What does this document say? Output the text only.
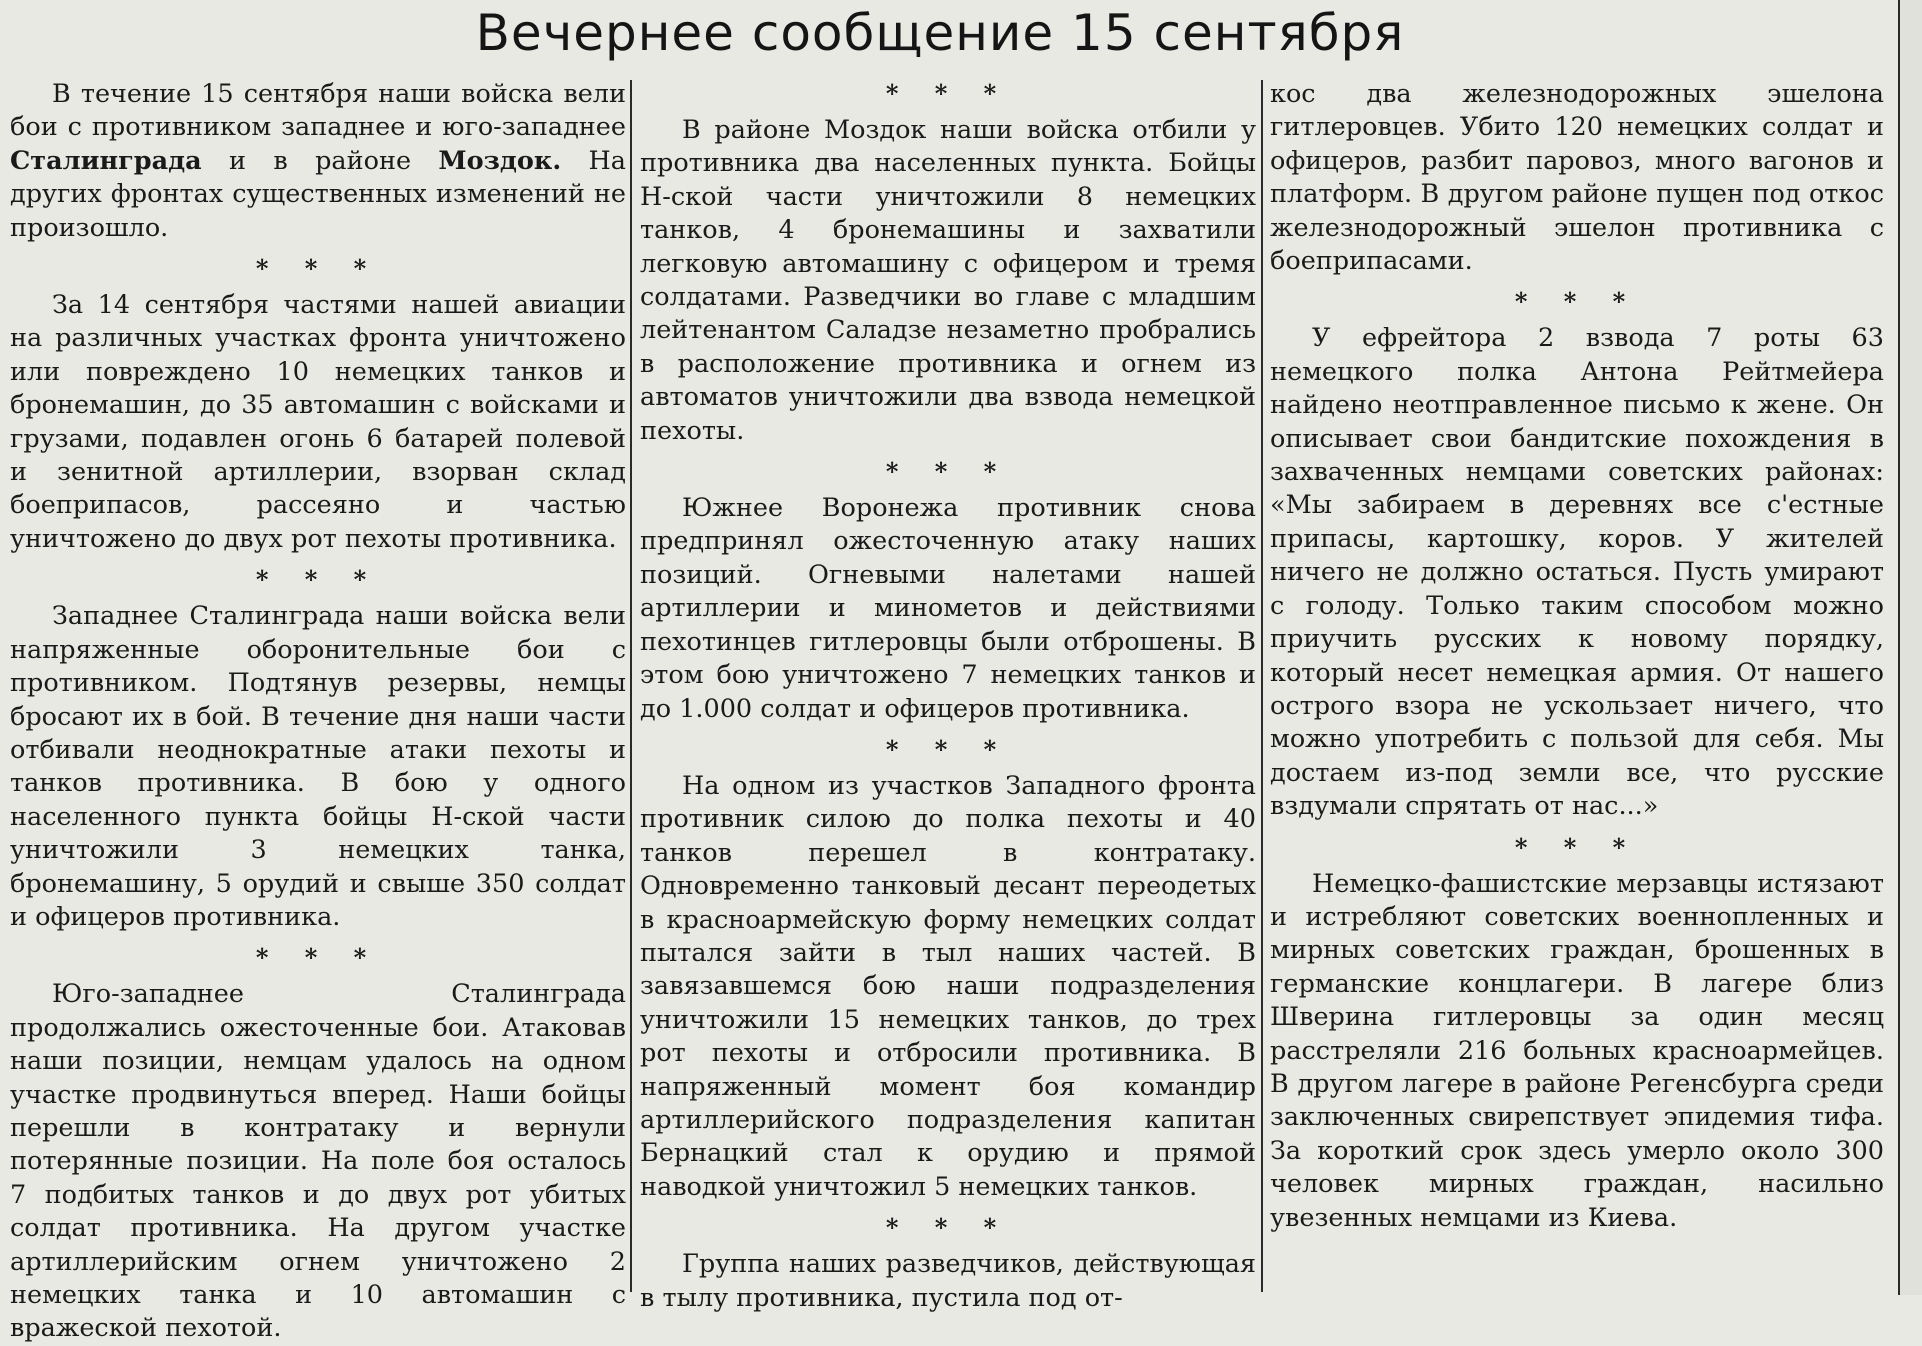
Вечернее сообщение 15 сентября

В течение 15 сентября наши войска вели бои с противником западнее и юго-западнее Сталинграда и в районе Моздок. На других фронтах существенных изменений не произошло.

* * *

За 14 сентября частями нашей авиации на различных участках фронта уничтожено или повреждено 10 немецких танков и бронемашин, до 35 автомашин с войсками и грузами, подавлен огонь 6 батарей полевой и зенитной артиллерии, взорван склад боеприпасов, рассеяно и частью уничтожено до двух рот пехоты противника.

* * *

Западнее Сталинграда наши войска вели напряженные оборонительные бои с противником. Подтянув резервы, немцы бросают их в бой. В течение дня наши части отбивали неоднократные атаки пехоты и танков противника. В бою у одного населенного пункта бойцы Н-ской части уничтожили 3 немецких танка, бронемашину, 5 орудий и свыше 350 солдат и офицеров противника.

* * *

Юго-западнее Сталинграда продолжались ожесточенные бои. Атаковав наши позиции, немцам удалось на одном участке продвинуться вперед. Наши бойцы перешли в контратаку и вернули потерянные позиции. На поле боя осталось 7 подбитых танков и до двух рот убитых солдат противника. На другом участке артиллерийским огнем уничтожено 2 немецких танка и 10 автомашин с вражеской пехотой.

* * *

В районе Моздок наши войска отбили у противника два населенных пункта. Бойцы Н-ской части уничтожили 8 немецких танков, 4 бронемашины и захватили легковую автомашину с офицером и тремя солдатами. Разведчики во главе с младшим лейтенантом Саладзе незаметно пробрались в расположение противника и огнем из автоматов уничтожили два взвода немецкой пехоты.

* * *

Южнее Воронежа противник снова предпринял ожесточенную атаку наших позиций. Огневыми налетами нашей артиллерии и минометов и действиями пехотинцев гитлеровцы были отброшены. В этом бою уничтожено 7 немецких танков и до 1.000 солдат и офицеров противника.

* * *

На одном из участков Западного фронта противник силою до полка пехоты и 40 танков перешел в контратаку. Одновременно танковый десант переодетых в красноармейскую форму немецких солдат пытался зайти в тыл наших частей. В завязавшемся бою наши подразделения уничтожили 15 немецких танков, до трех рот пехоты и отбросили противника. В напряженный момент боя командир артиллерийского подразделения капитан Бернацкий стал к орудию и прямой наводкой уничтожил 5 немецких танков.

* * *

Группа наших разведчиков, действующая в тылу противника, пустила под от-

кос два железнодорожных эшелона гитлеровцев. Убито 120 немецких солдат и офицеров, разбит паровоз, много вагонов и платформ. В другом районе пущен под откос железнодорожный эшелон противника с боеприпасами.

* * *

У ефрейтора 2 взвода 7 роты 63 немецкого полка Антона Рейтмейера найдено неотправленное письмо к жене. Он описывает свои бандитские похождения в захваченных немцами советских районах: «Мы забираем в деревнях все с'естные припасы, картошку, коров. У жителей ничего не должно остаться. Пусть умирают с голоду. Только таким способом можно приучить русских к новому порядку, который несет немецкая армия. От нашего острого взора не ускользает ничего, что можно употребить с пользой для себя. Мы достаем из-под земли все, что русские вздумали спрятать от нас...»

* * *

Немецко-фашистские мерзавцы истязают и истребляют советских военнопленных и мирных советских граждан, брошенных в германские концлагери. В лагере близ Шверина гитлеровцы за один месяц расстреляли 216 больных красноармейцев. В другом лагере в районе Регенсбурга среди заключенных свирепствует эпидемия тифа. За короткий срок здесь умерло около 300 человек мирных граждан, насильно увезенных немцами из Киева.
